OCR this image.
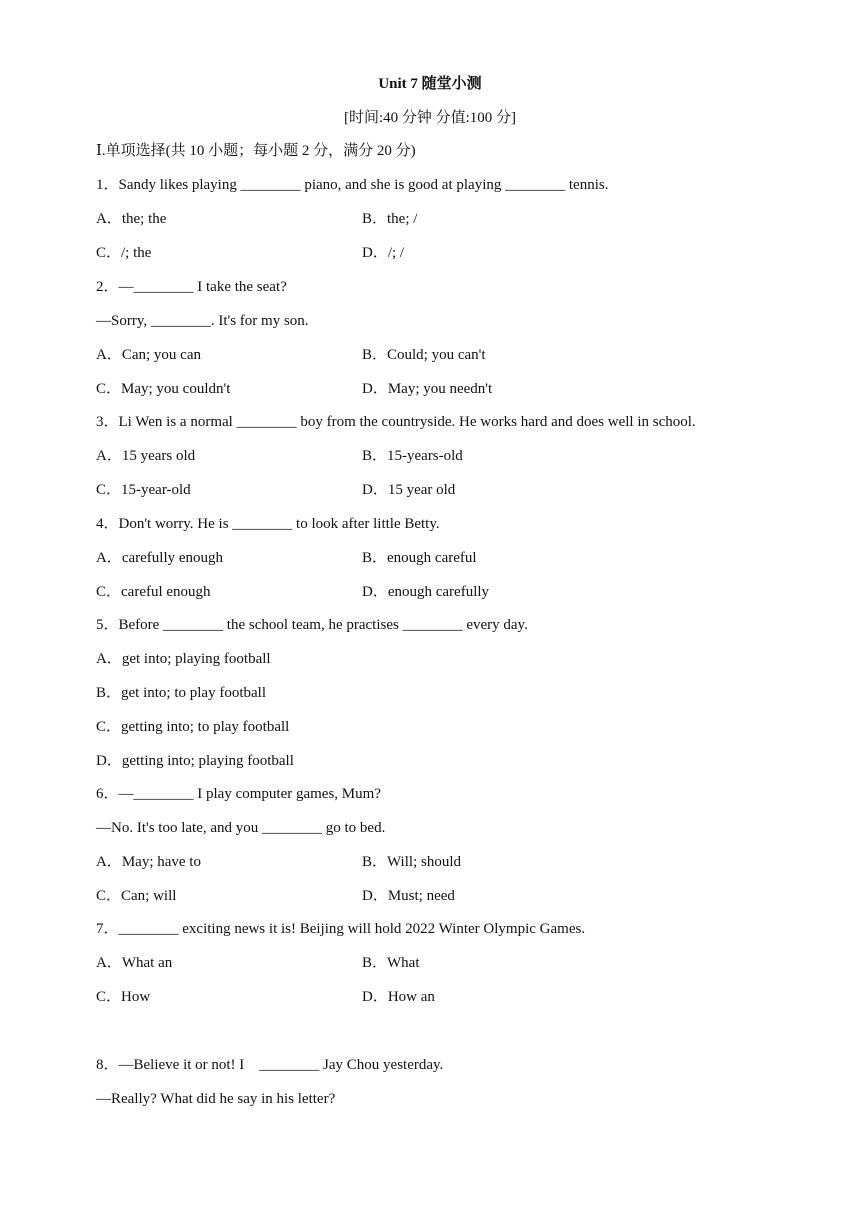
Unit 7 随堂小测
[时间:40 分钟 分值:100 分]
Ⅰ.单项选择(共 10 小题；每小题 2 分，满分 20 分)
1．Sandy likes playing ________ piano, and she is good at playing ________ tennis.
A．the; the	B．the; /
C．/; the	D．/; /
2．—________ I take the seat?
—Sorry, ________. It's for my son.
A．Can; you can	B．Could; you can't
C．May; you couldn't	D．May; you needn't
3．Li Wen is a normal ________ boy from the countryside. He works hard and does well in school.
A．15 years old	B．15-years-old
C．15-year-old	D．15 year old
4．Don't worry. He is ________ to look after little Betty.
A．carefully enough	B．enough careful
C．careful enough	D．enough carefully
5．Before ________ the school team, he practises ________ every day.
A．get into; playing football
B．get into; to play football
C．getting into; to play football
D．getting into; playing football
6．—________ I play computer games, Mum?
—No. It's too late, and you ________ go to bed.
A．May; have to	B．Will; should
C．Can; will	D．Must; need
7．________ exciting news it is! Beijing will hold 2022 Winter Olympic Games.
A．What an	B．What
C．How	D．How an
8．—Believe it or not! I    ________ Jay Chou yesterday.
—Really? What did he say in his letter?
